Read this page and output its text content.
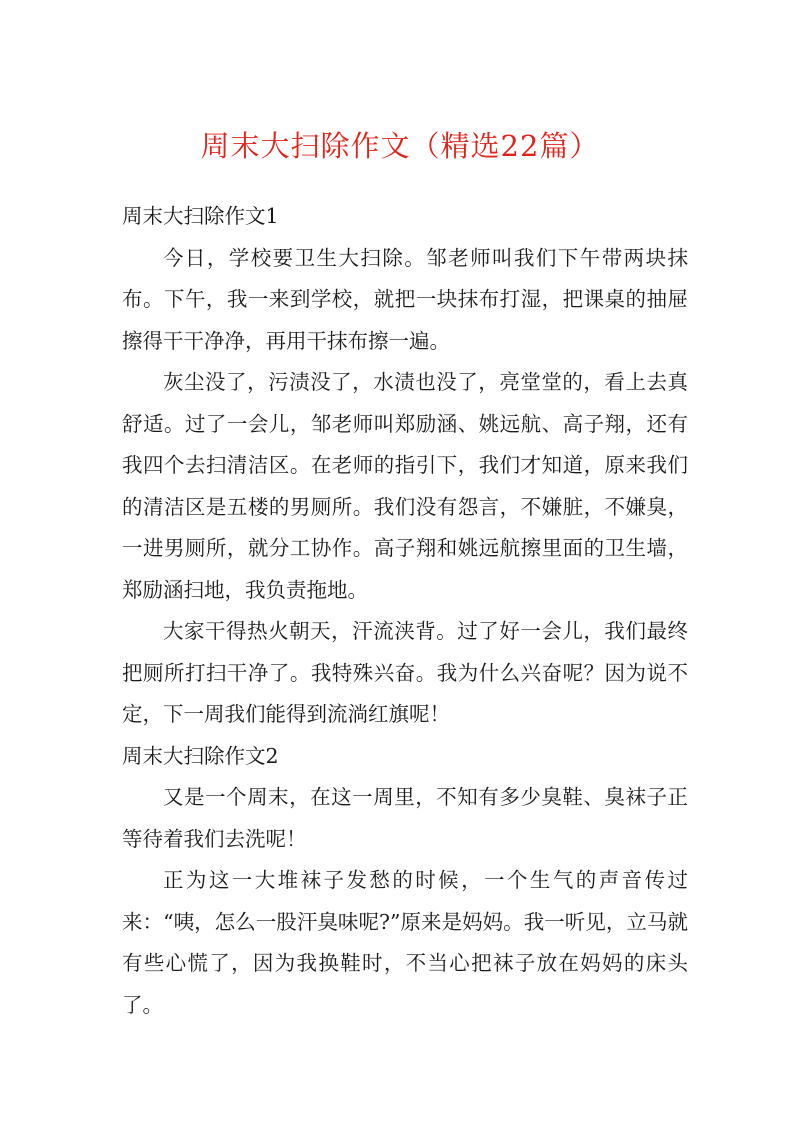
周末大扫除作文（精选22篇）

周末大扫除作文1

今日，学校要卫生大扫除。邹老师叫我们下午带两块抹布。下午，我一来到学校，就把一块抹布打湿，把课桌的抽屉擦得干干净净，再用干抹布擦一遍。

灰尘没了，污渍没了，水渍也没了，亮堂堂的，看上去真舒适。过了一会儿，邹老师叫郑励涵、姚远航、高子翔，还有我四个去扫清洁区。在老师的指引下，我们才知道，原来我们的清洁区是五楼的男厕所。我们没有怨言，不嫌脏，不嫌臭，一进男厕所，就分工协作。高子翔和姚远航擦里面的卫生墙，郑励涵扫地，我负责拖地。

大家干得热火朝天，汗流浃背。过了好一会儿，我们最终把厕所打扫干净了。我特殊兴奋。我为什么兴奋呢？因为说不定，下一周我们能得到流淌红旗呢！

周末大扫除作文2

又是一个周末，在这一周里，不知有多少臭鞋、臭袜子正等待着我们去洗呢！

正为这一大堆袜子发愁的时候，一个生气的声音传过来：“咦，怎么一股汗臭味呢?”原来是妈妈。我一听见，立马就有些心慌了，因为我换鞋时，不当心把袜子放在妈妈的床头了。
